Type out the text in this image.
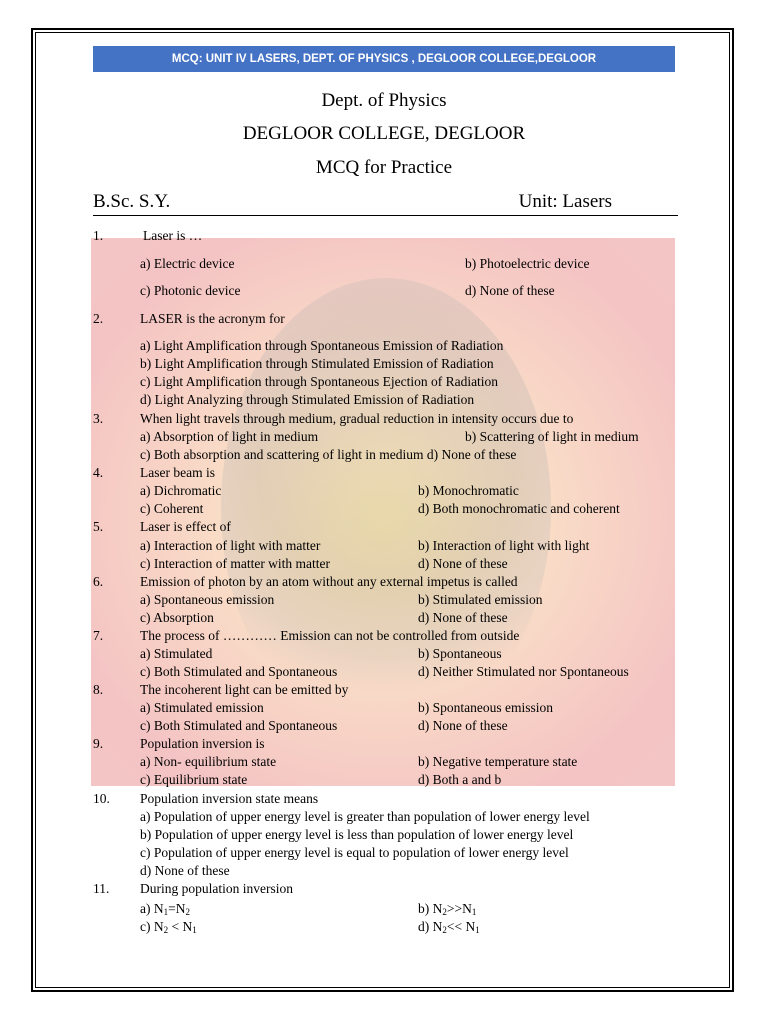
MCQ: UNIT IV LASERS, DEPT. OF PHYSICS , DEGLOOR COLLEGE,DEGLOOR
Dept. of Physics
DEGLOOR COLLEGE, DEGLOOR
MCQ for Practice
B.Sc. S.Y.	Unit: Lasers
1.	Laser is …
a) Electric device	b) Photoelectric device
c) Photonic device	d) None of these
2.	LASER is the acronym for
a) Light Amplification through Spontaneous Emission of Radiation
b) Light Amplification through Stimulated Emission of Radiation
c) Light Amplification through Spontaneous Ejection of Radiation
d) Light Analyzing through Stimulated Emission of Radiation
3.	When light travels through medium, gradual reduction in intensity occurs due to
a) Absorption of light in medium	b) Scattering of light in medium
c) Both absorption and scattering of light in medium d) None of these
4.	Laser beam is
a) Dichromatic	b) Monochromatic
c) Coherent	d) Both monochromatic and coherent
5.	Laser is effect of
a) Interaction of light with matter	b) Interaction of light with light
c) Interaction of matter with matter	d) None of these
6.	Emission of photon by an atom without any external impetus is called
a) Spontaneous emission	b) Stimulated emission
c) Absorption	d) None of these
7.	The process of ………… Emission can not be controlled from outside
a) Stimulated	b) Spontaneous
c) Both Stimulated and Spontaneous	d) Neither Stimulated nor Spontaneous
8.	The incoherent light can be emitted by
a) Stimulated emission	b) Spontaneous emission
c) Both Stimulated and Spontaneous	d) None of these
9.	Population inversion is
a) Non- equilibrium state	b) Negative temperature state
c) Equilibrium state	d) Both a and b
10. Population inversion state means
a) Population of upper energy level is greater than population of lower energy level
b) Population of upper energy level is less than population of lower energy level
c) Population of upper energy level is equal to population of lower energy level
d) None of these
11. During population inversion
a) $N_1=N_2$	b) $N_2>>N_1$
c) $N_2 < N_1$	d) $N_2<< N_1$
